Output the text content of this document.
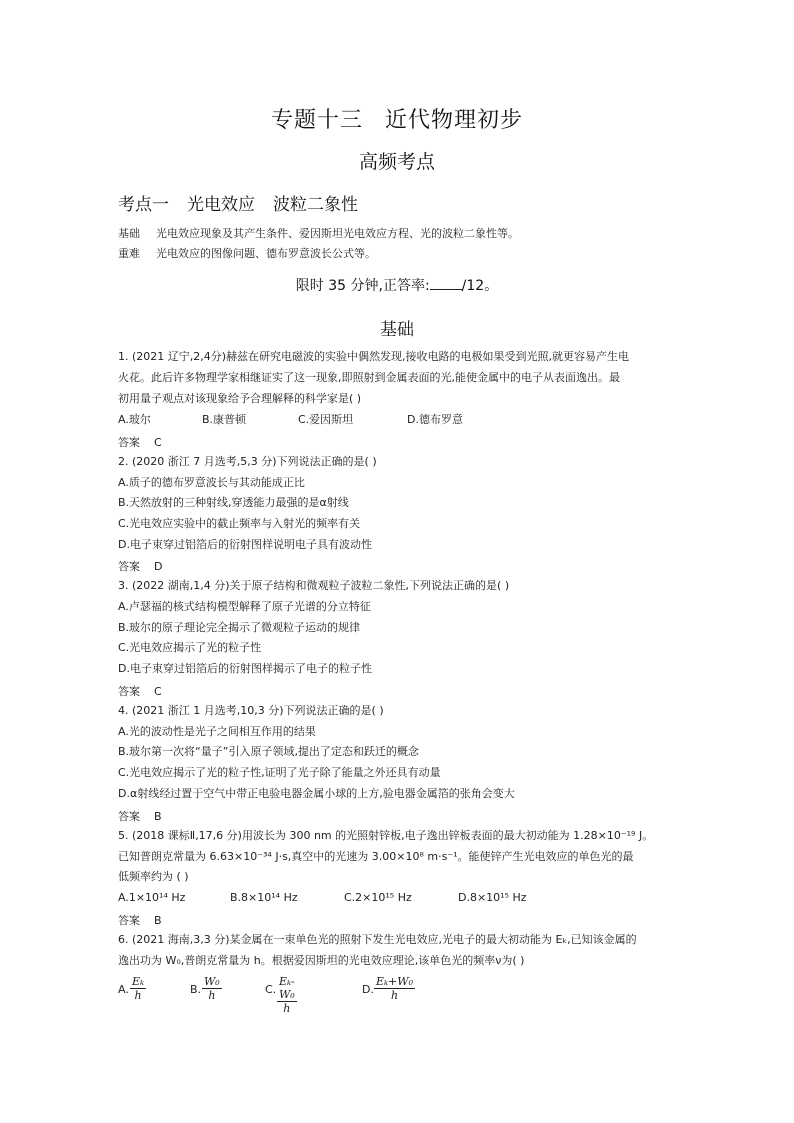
专题十三 近代物理初步
高频考点
考点一 光电效应 波粒二象性
基础 光电效应现象及其产生条件、爱因斯坦光电效应方程、光的波粒二象性等。
重难 光电效应的图像问题、德布罗意波长公式等。
限时 35 分钟,正答率: /12。
基础
1. (2021 辽宁,2,4分)赫兹在研究电磁波的实验中偶然发现,接收电路的电极如果受到光照,就更容易产生电
火花。此后许多物理学家相继证实了这一现象,即照射到金属表面的光,能使金属中的电子从表面逸出。最
初用量子观点对该现象给予合理解释的科学家是( )
A.玻尔	B.康普顿	C.爱因斯坦	D.德布罗意
答案 C
2. (2020 浙江 7 月选考,5,3 分)下列说法正确的是( )
A.质子的德布罗意波长与其动能成正比
B.天然放射的三种射线,穿透能力最强的是α射线
C.光电效应实验中的截止频率与入射光的频率有关
D.电子束穿过铝箔后的衍射图样说明电子具有波动性
答案 D
3. (2022 湖南,1,4 分)关于原子结构和微观粒子波粒二象性,下列说法正确的是( )
A.卢瑟福的核式结构模型解释了原子光谱的分立特征
B.玻尔的原子理论完全揭示了微观粒子运动的规律
C.光电效应揭示了光的粒子性
D.电子束穿过铝箔后的衍射图样揭示了电子的粒子性
答案 C
4. (2021 浙江 1 月选考,10,3 分)下列说法正确的是( )
A.光的波动性是光子之间相互作用的结果
B.玻尔第一次将“量子”引入原子领域,提出了定态和跃迁的概念
C.光电效应揭示了光的粒子性,证明了光子除了能量之外还具有动量
D.α射线经过置于空气中带正电验电器金属小球的上方,验电器金属箔的张角会变大
答案 B
5. (2018 课标Ⅱ,17,6 分)用波长为 300 nm 的光照射锌板,电子逸出锌板表面的最大初动能为 1.28×10⁻¹⁹ J。
已知普朗克常量为 6.63×10⁻³⁴ J·s,真空中的光速为 3.00×10⁸ m·s⁻¹。能使锌产生光电效应的单色光的最
低频率约为 ( )
A.1×10¹⁴ Hz	B.8×10¹⁴ Hz	C.2×10¹⁵ Hz	D.8×10¹⁵ Hz
答案 B
6. (2021 海南,3,3 分)某金属在一束单色光的照射下发生光电效应,光电子的最大初动能为 Eₖ,已知该金属的
逸出功为 W₀,普朗克常量为 h。根据爱因斯坦的光电效应理论,该单色光的频率ν为( )
A. $\frac{\text{Eₖ}}{h}$	B. $\frac{\text{W₀}}{h}$	C. $\frac{\text{Eₖ-W₀}}{h}$	D. $\frac{\text{Eₖ+W₀}}{h}$
